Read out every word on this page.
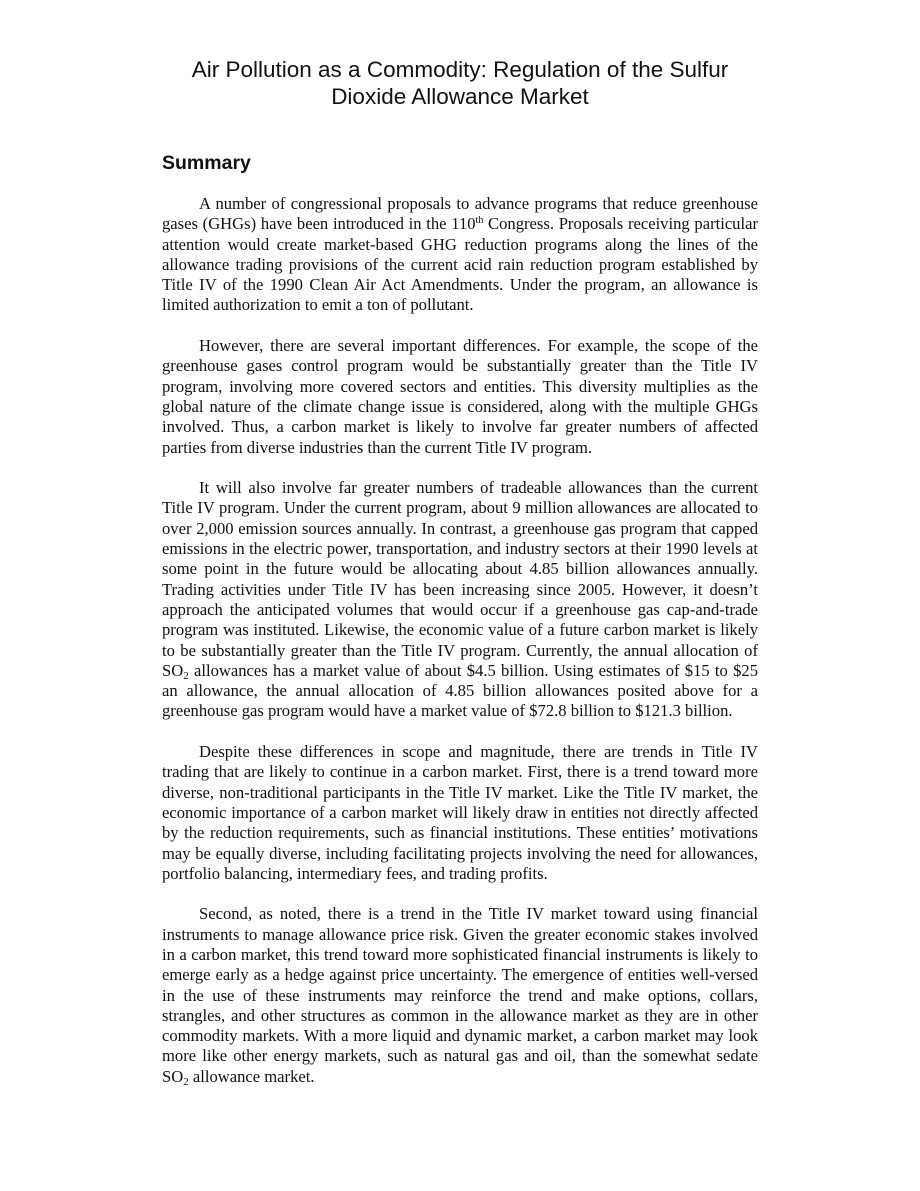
Air Pollution as a Commodity: Regulation of the Sulfur Dioxide Allowance Market
Summary

A number of congressional proposals to advance programs that reduce greenhouse gases (GHGs) have been introduced in the 110th Congress. Proposals receiving particular attention would create market-based GHG reduction programs along the lines of the allowance trading provisions of the current acid rain reduction program established by Title IV of the 1990 Clean Air Act Amendments. Under the program, an allowance is limited authorization to emit a ton of pollutant.

However, there are several important differences. For example, the scope of the greenhouse gases control program would be substantially greater than the Title IV program, involving more covered sectors and entities. This diversity multiplies as the global nature of the climate change issue is considered, along with the multiple GHGs involved. Thus, a carbon market is likely to involve far greater numbers of affected parties from diverse industries than the current Title IV program.

It will also involve far greater numbers of tradeable allowances than the current Title IV program. Under the current program, about 9 million allowances are allocated to over 2,000 emission sources annually. In contrast, a greenhouse gas program that capped emissions in the electric power, transportation, and industry sectors at their 1990 levels at some point in the future would be allocating about 4.85 billion allowances annually. Trading activities under Title IV has been increasing since 2005. However, it doesn’t approach the anticipated volumes that would occur if a greenhouse gas cap-and-trade program was instituted. Likewise, the economic value of a future carbon market is likely to be substantially greater than the Title IV program. Currently, the annual allocation of $SO_2$ allowances has a market value of about $4.5 billion. Using estimates of $15 to $25 an allowance, the annual allocation of 4.85 billion allowances posited above for a greenhouse gas program would have a market value of $72.8 billion to $121.3 billion.

Despite these differences in scope and magnitude, there are trends in Title IV trading that are likely to continue in a carbon market. First, there is a trend toward more diverse, non-traditional participants in the Title IV market. Like the Title IV market, the economic importance of a carbon market will likely draw in entities not directly affected by the reduction requirements, such as financial institutions. These entities’ motivations may be equally diverse, including facilitating projects involving the need for allowances, portfolio balancing, intermediary fees, and trading profits.

Second, as noted, there is a trend in the Title IV market toward using financial instruments to manage allowance price risk. Given the greater economic stakes involved in a carbon market, this trend toward more sophisticated financial instruments is likely to emerge early as a hedge against price uncertainty. The emergence of entities well-versed in the use of these instruments may reinforce the trend and make options, collars, strangles, and other structures as common in the allowance market as they are in other commodity markets. With a more liquid and dynamic market, a carbon market may look more like other energy markets, such as natural gas and oil, than the somewhat sedate $SO_2$ allowance market.
